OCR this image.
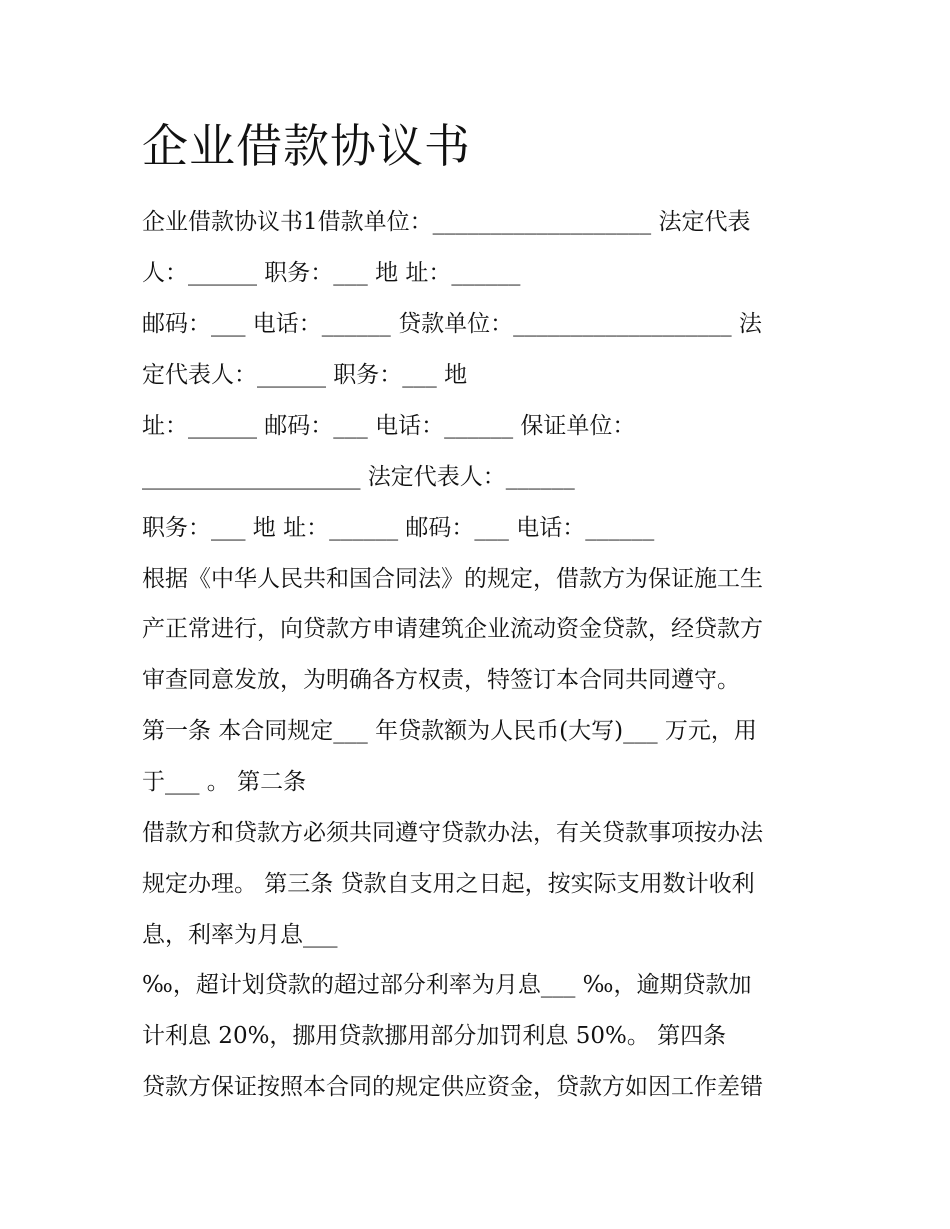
企业借款协议书
企业借款协议书1借款单位：___________________ 法定代表
人：______ 职务：___ 地 址：______
邮码：___ 电话：______ 贷款单位：___________________ 法
定代表人：______ 职务：___ 地
址：______ 邮码：___ 电话：______ 保证单位：
___________________ 法定代表人：______
职务：___ 地 址：______ 邮码：___ 电话：______
根据《中华人民共和国合同法》的规定，借款方为保证施工生
产正常进行，向贷款方申请建筑企业流动资金贷款，经贷款方
审查同意发放，为明确各方权责，特签订本合同共同遵守。
第一条 本合同规定___ 年贷款额为人民币(大写)___ 万元，用
于___ 。 第二条
借款方和贷款方必须共同遵守贷款办法，有关贷款事项按办法
规定办理。 第三条 贷款自支用之日起，按实际支用数计收利
息，利率为月息___
‰，超计划贷款的超过部分利率为月息___ ‰，逾期贷款加
计利息 20%，挪用贷款挪用部分加罚利息 50%。 第四条
贷款方保证按照本合同的规定供应资金，贷款方如因工作差错
